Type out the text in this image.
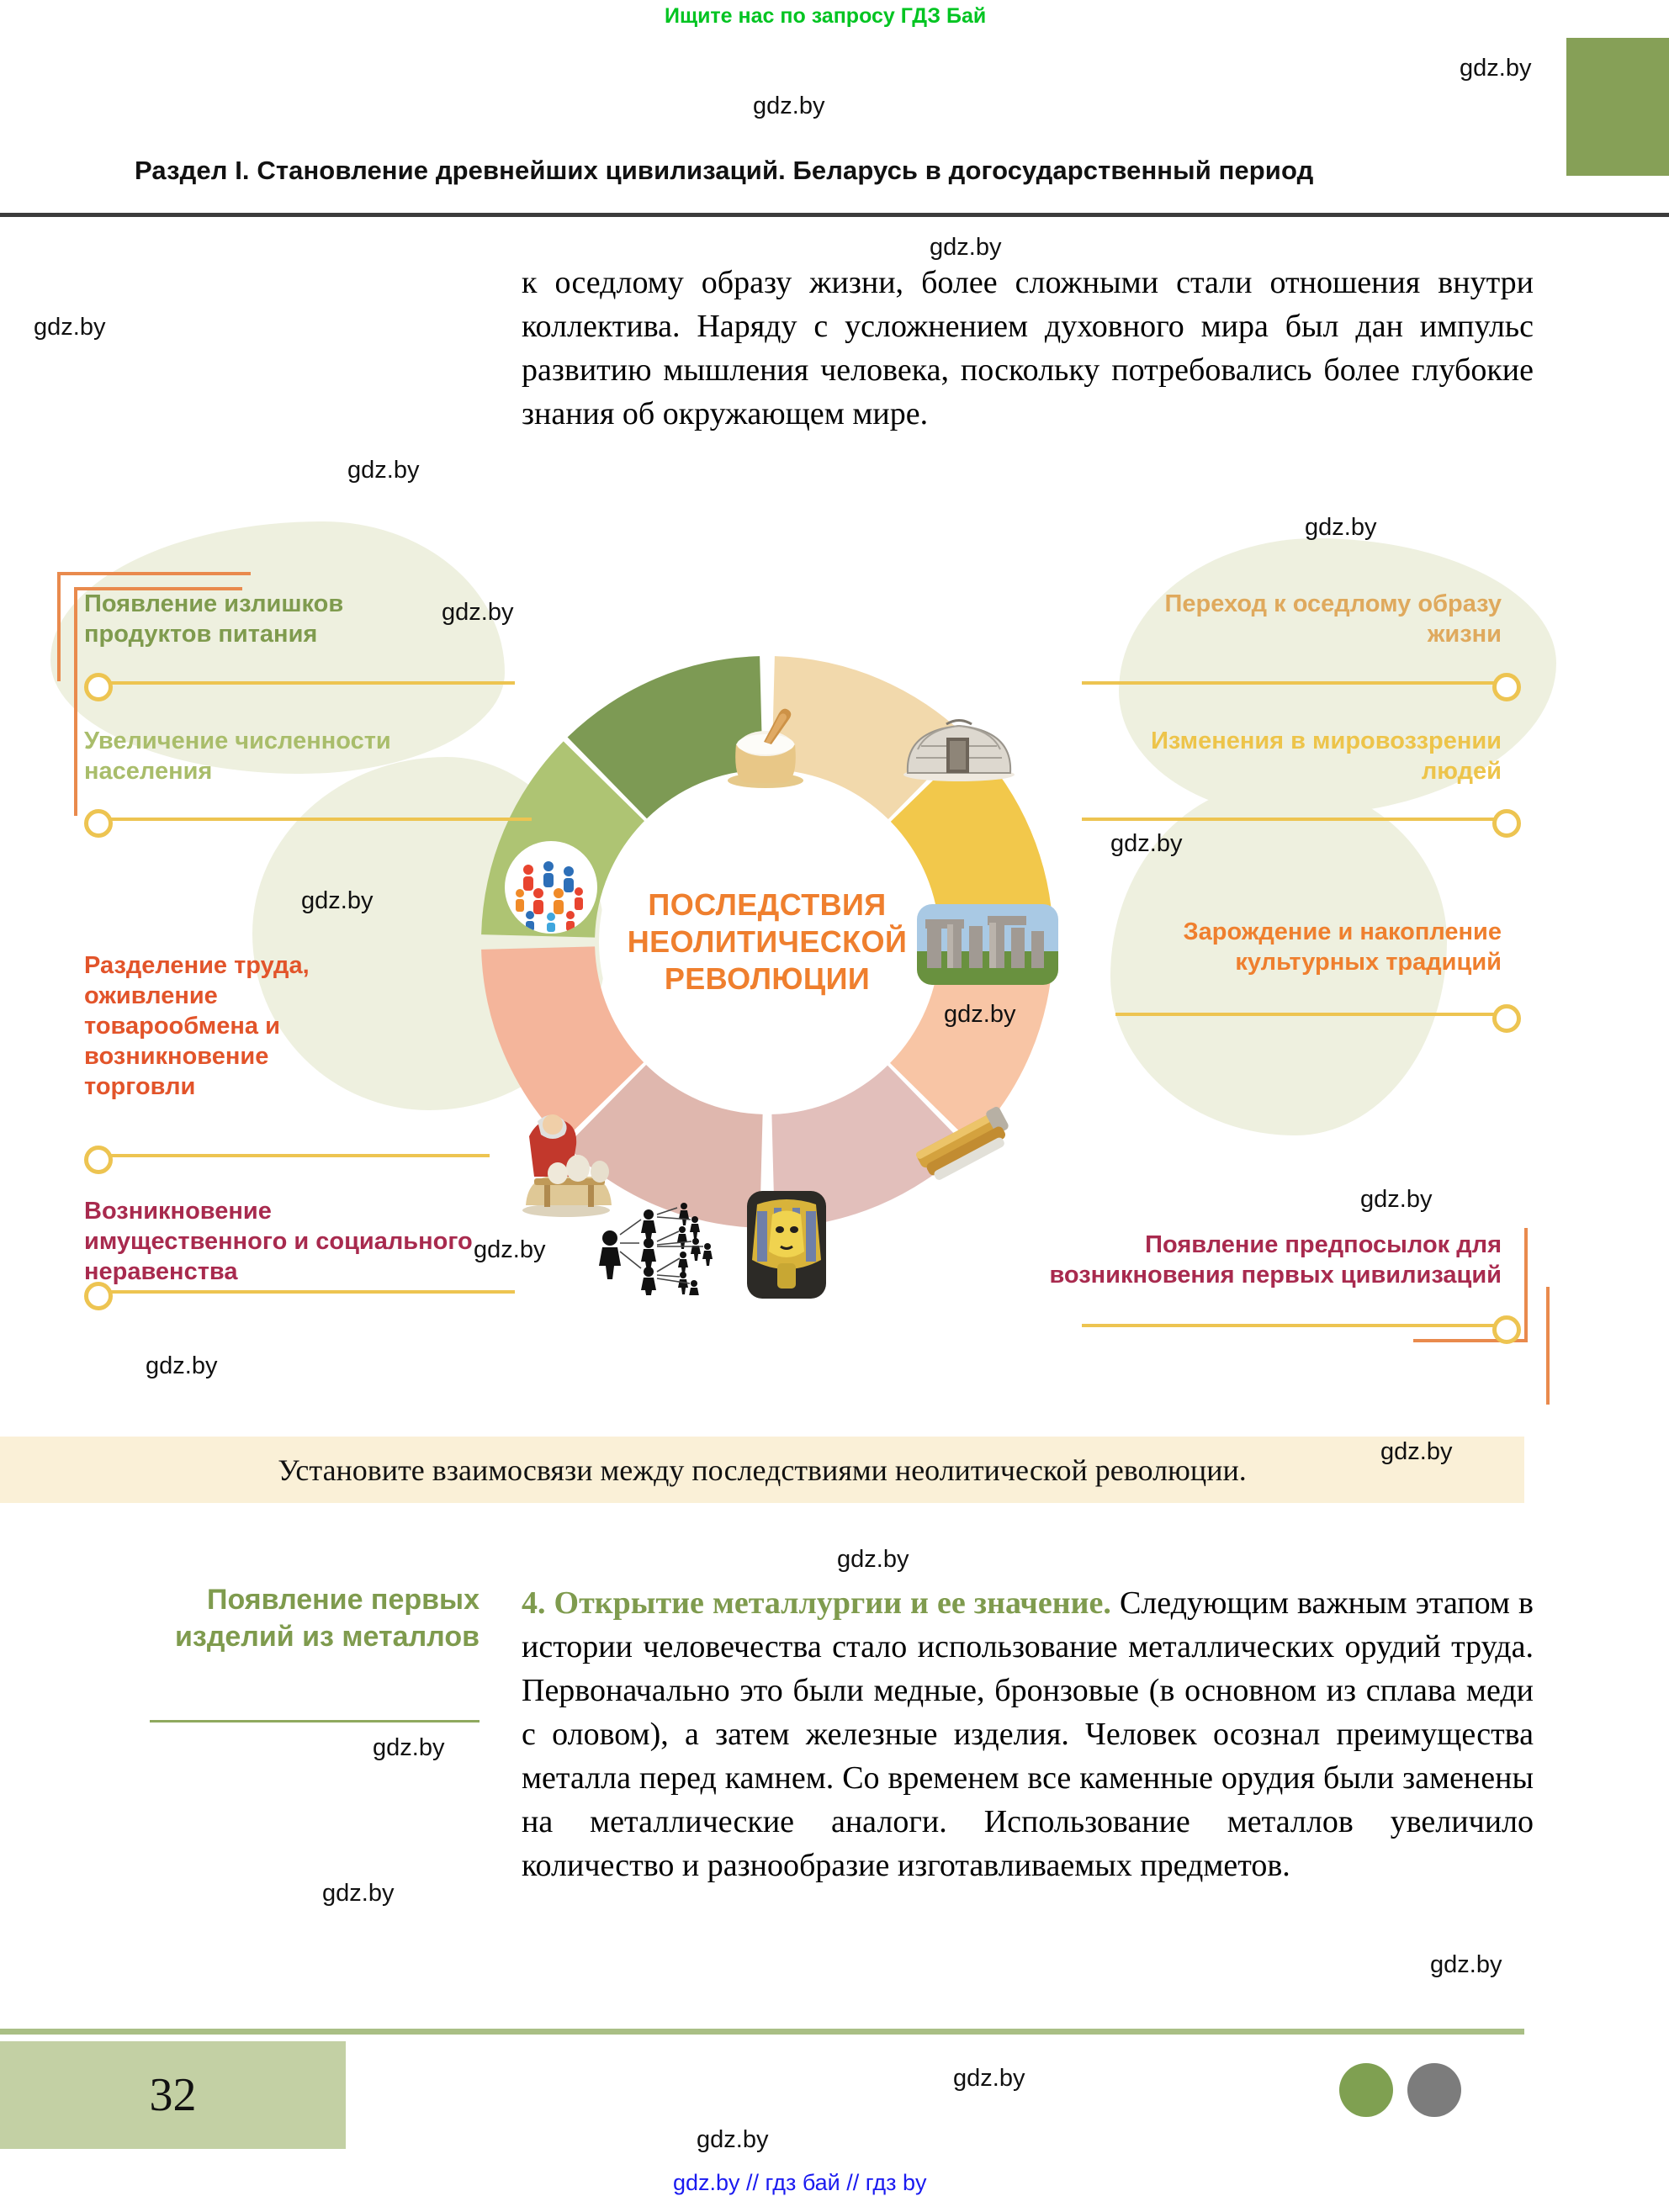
Ищите нас по запросу ГДЗ Бай
Раздел I. Становление древнейших цивилизаций. Беларусь в догосударственный период
к оседлому образу жизни, более сложными стали отношения внутри коллектива. Наряду с усложнением духовного мира был дан импульс развитию мышления человека, поскольку потребовались более глубокие знания об окружающем мире.
ПОСЛЕДСТВИЯ НЕОЛИТИЧЕСКОЙ РЕВОЛЮЦИИ
Появление излишков продуктов питания
Увеличение численности населения
Разделение труда, оживление товарообмена и возникновение торговли
Возникновение имущественного и социального неравенства
Переход к оседлому образу жизни
Изменения в мировоззрении людей
Зарождение и накопление культурных традиций
Появление предпосылок для возникновения первых цивилизаций
Установите взаимосвязи между последствиями неолитической революции.
Появление первых изделий из металлов
4. Открытие металлургии и ее значение. Следующим важным этапом в истории человечества стало использование металлических орудий труда. Первоначально это были медные, бронзовые (в основном из сплава меди с оловом), а затем железные изделия. Человек осознал преимущества металла перед камнем. Со временем все каменные орудия были заменены на металлические аналоги. Использование металлов увеличило количество и разнообразие изготавливаемых предметов.
32
gdz.by // гдз бай // гдз by
gdz.by
gdz.by
gdz.by
gdz.by
gdz.by
gdz.by
gdz.by
gdz.by
gdz.by
gdz.by
gdz.by
gdz.by
gdz.by
gdz.by
gdz.by
gdz.by
gdz.by
gdz.by
gdz.by
gdz.by
